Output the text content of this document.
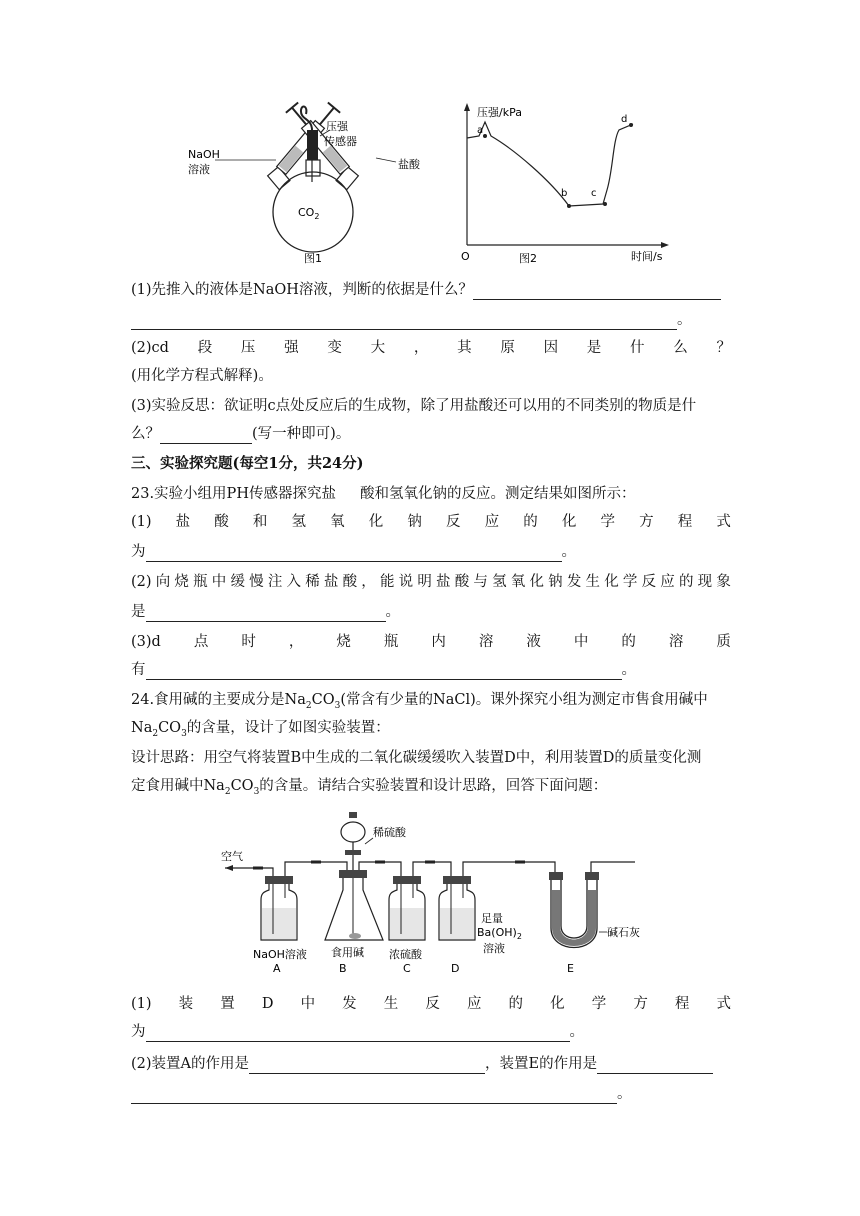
NaOH
溶液
压强
传感器
盐酸
$CO_2$
图1
压强/kPa
时间/s
O	图2
a
b c
d
(1)先推入的液体是NaOH溶液，判断的依据是什么？
。
(2)cd 段 压 强 变 大 ， 其 原 因 是 什 么 ？
(用化学方程式解释)。
(3)实验反思：欲证明c点处反应后的生成物，除了用盐酸还可以用的不同类别的物质是什
么？	(写一种即可)。
三、实验探究题(每空1分，共24分)
23.实验小组用PH传感器探究盐 酸和氢氧化钠的反应。测定结果如图所示：
(1) 盐 酸 和 氢 氧 化 钠 反 应 的 化 学 方 程 式
为	。
(2) 向 烧 瓶 中 缓 慢 注 入 稀 盐 酸 ， 能 说 明 盐 酸 与 氢 氧 化 钠 发 生 化 学 反 应 的 现 象
是	。
(3)d 点 时 ， 烧 瓶 内 溶 液 中 的 溶 质
有	。
24.食用碱的主要成分是$Na_2CO_3$(常含有少量的NaCl)。课外探究小组为测定市售食用碱中
$Na_2CO_3$的含量，设计了如图实验装置：
设计思路：用空气将装置B中生成的二氧化碳缓缓吹入装置D中，利用装置D的质量变化测
定食用碱中$Na_2CO_3$的含量。请结合实验装置和设计思路，回答下面问题：
空气
稀硫酸
NaOH溶液 食用碱 浓硫酸
足量
$Ba(OH)_2$
溶液
碱石灰
A	B	C	D	E
(1) 装 置 D 中 发 生 反 应 的 化 学 方 程 式
为	。
(2)装置A的作用是	，装置E的作用是
。
